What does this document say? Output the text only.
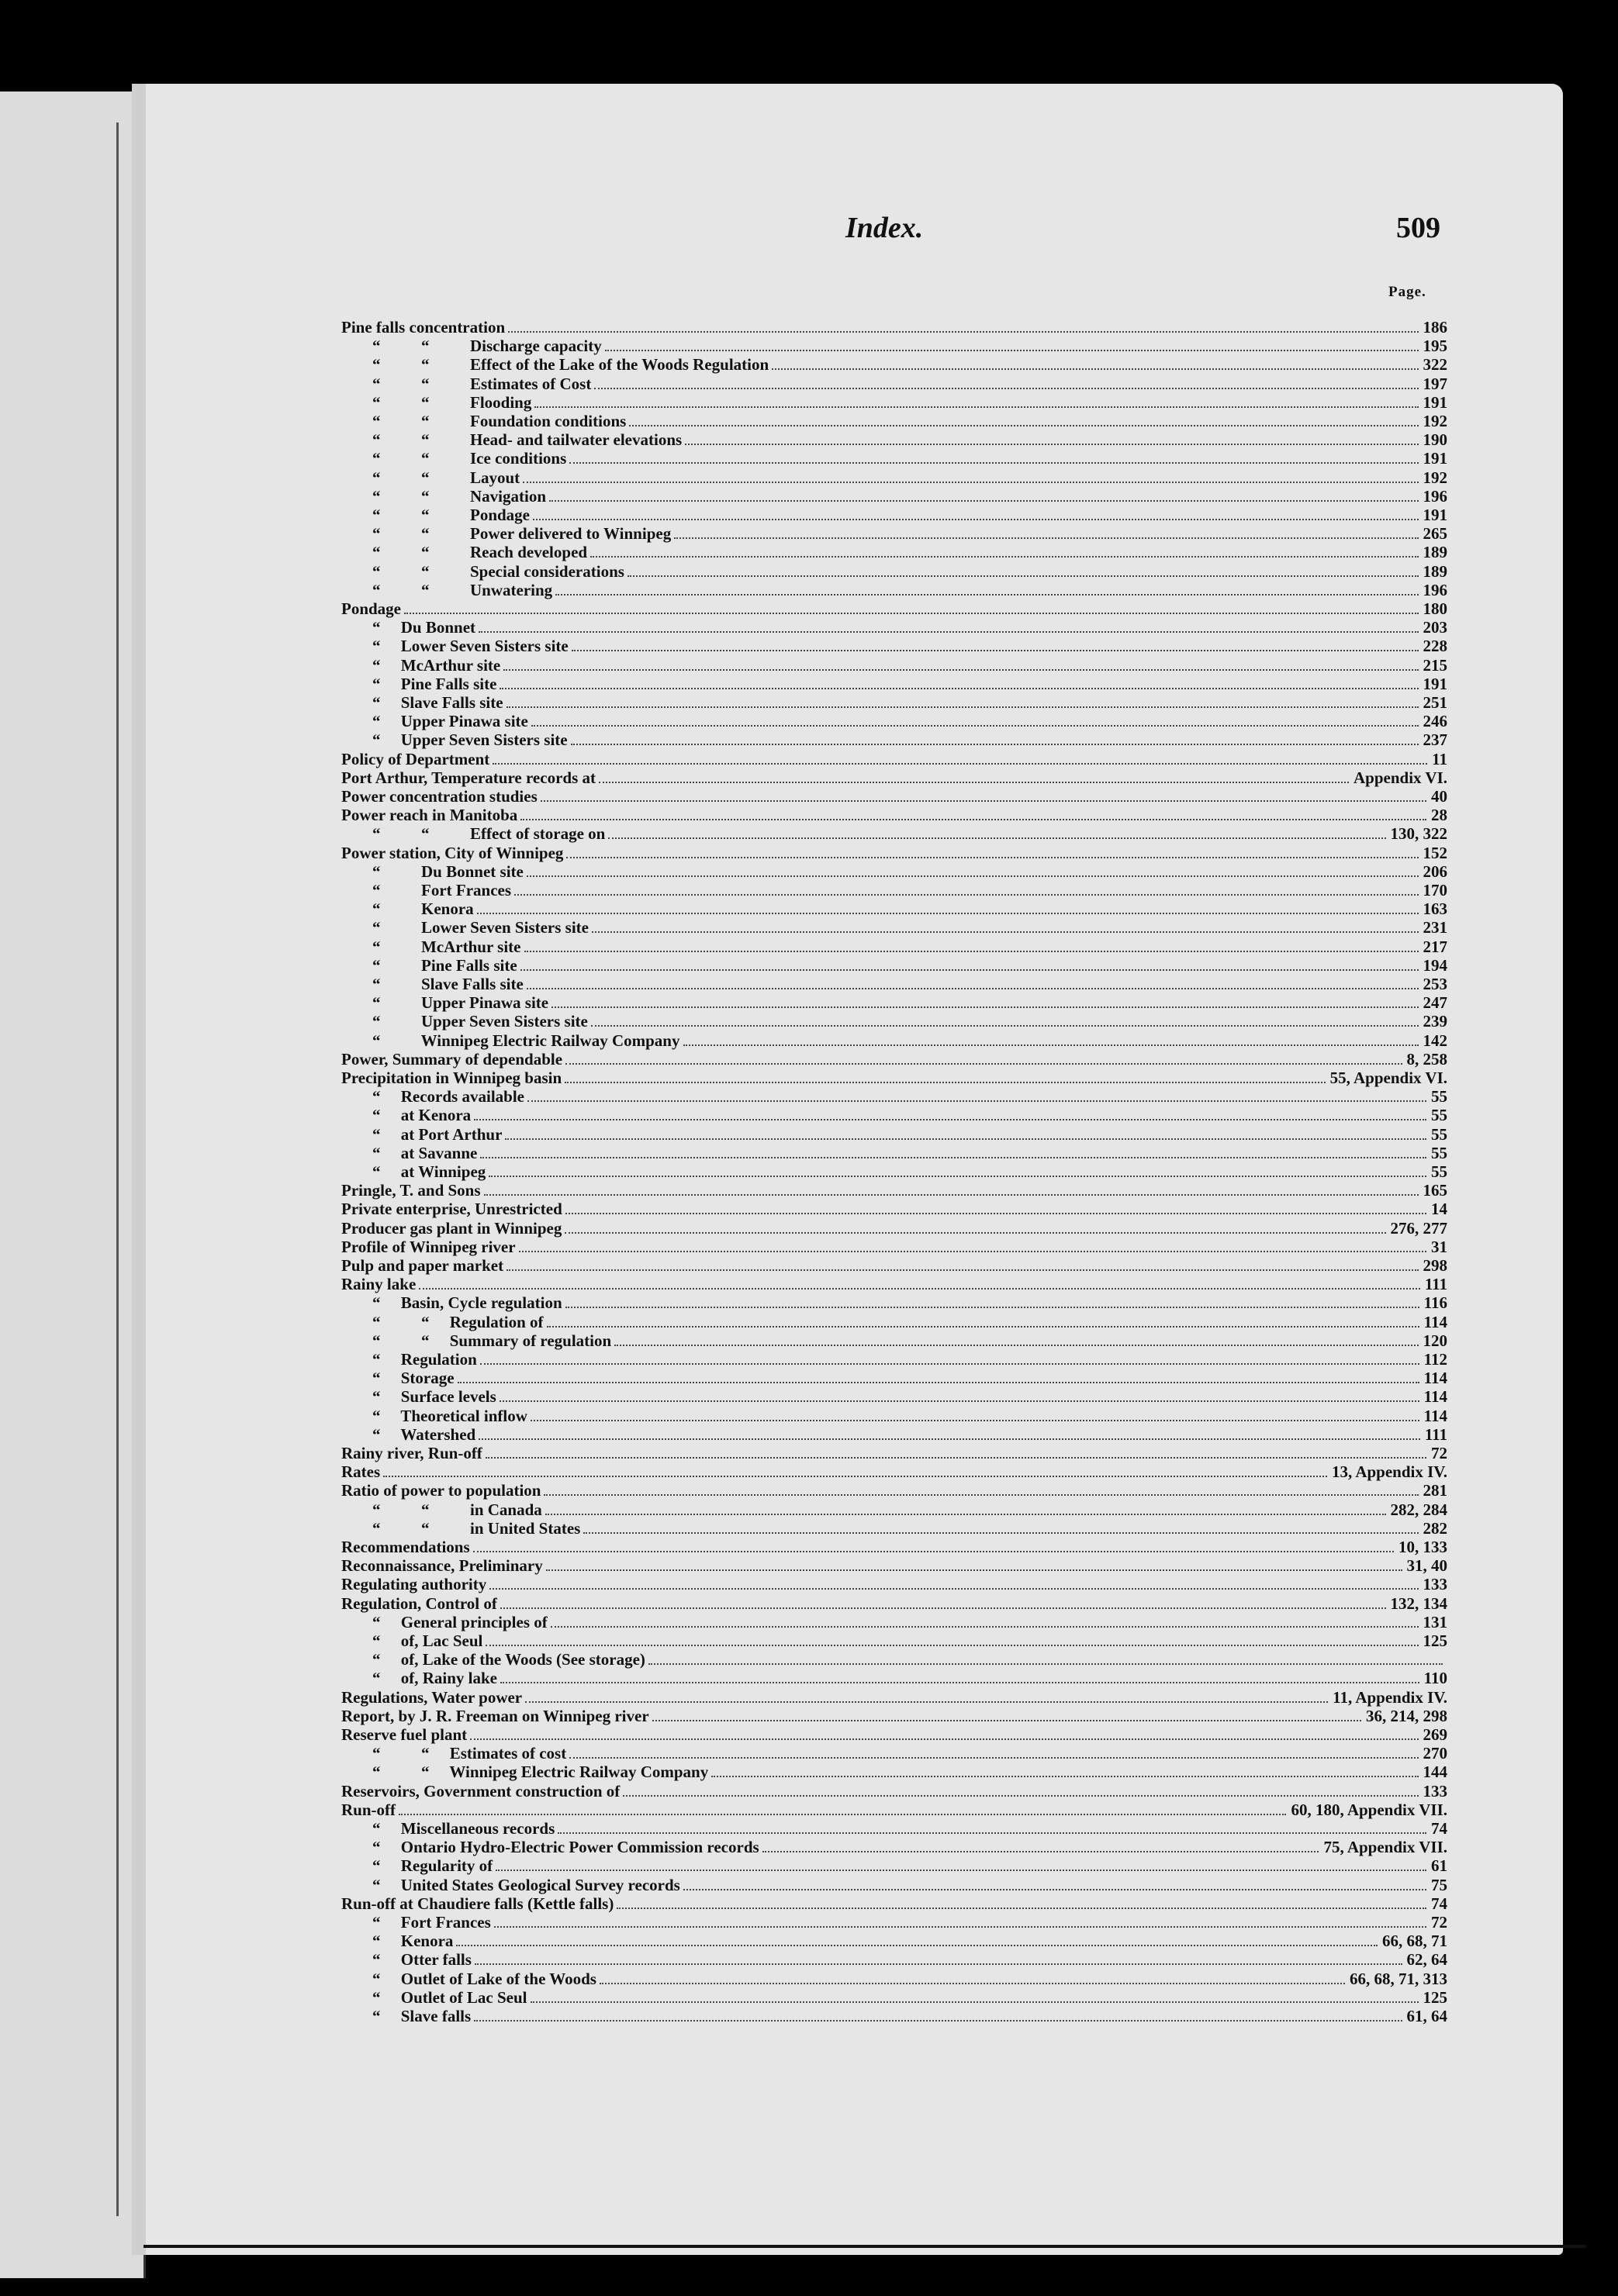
Index.	509
Page.
Pine falls concentration	186
“          “          Discharge capacity	195
“          “          Effect of the Lake of the Woods Regulation	322
“          “          Estimates of Cost	197
“          “          Flooding	191
“          “          Foundation conditions	192
“          “          Head- and tailwater elevations	190
“          “          Ice conditions	191
“          “          Layout	192
“          “          Navigation	196
“          “          Pondage	191
“          “          Power delivered to Winnipeg	265
“          “          Reach developed	189
“          “          Special considerations	189
“          “          Unwatering	196
Pondage	180
“     Du Bonnet	203
“     Lower Seven Sisters site	228
“     McArthur site	215
“     Pine Falls site	191
“     Slave Falls site	251
“     Upper Pinawa site	246
“     Upper Seven Sisters site	237
Policy of Department	11
Port Arthur, Temperature records at	Appendix VI.
Power concentration studies	40
Power reach in Manitoba	28
“          “          Effect of storage on	130, 322
Power station, City of Winnipeg	152
“          Du Bonnet site	206
“          Fort Frances	170
“          Kenora	163
“          Lower Seven Sisters site	231
“          McArthur site	217
“          Pine Falls site	194
“          Slave Falls site	253
“          Upper Pinawa site	247
“          Upper Seven Sisters site	239
“          Winnipeg Electric Railway Company	142
Power, Summary of dependable	8, 258
Precipitation in Winnipeg basin	55, Appendix VI.
“     Records available	55
“     at Kenora	55
“     at Port Arthur	55
“     at Savanne	55
“     at Winnipeg	55
Pringle, T. and Sons	165
Private enterprise, Unrestricted	14
Producer gas plant in Winnipeg	276, 277
Profile of Winnipeg river	31
Pulp and paper market	298
Rainy lake	111
“     Basin, Cycle regulation	116
“          “     Regulation of	114
“          “     Summary of regulation	120
“     Regulation	112
“     Storage	114
“     Surface levels	114
“     Theoretical inflow	114
“     Watershed	111
Rainy river, Run-off	72
Rates	13, Appendix IV.
Ratio of power to population	281
“          “          in Canada	282, 284
“          “          in United States	282
Recommendations	10, 133
Reconnaissance, Preliminary	31, 40
Regulating authority	133
Regulation, Control of	132, 134
“     General principles of	131
“     of, Lac Seul	125
“     of, Lake of the Woods (See storage)
“     of, Rainy lake	110
Regulations, Water power	11, Appendix IV.
Report, by J. R. Freeman on Winnipeg river	36, 214, 298
Reserve fuel plant	269
“          “     Estimates of cost	270
“          “     Winnipeg Electric Railway Company	144
Reservoirs, Government construction of	133
Run-off	60, 180, Appendix VII.
“     Miscellaneous records	74
“     Ontario Hydro-Electric Power Commission records	75, Appendix VII.
“     Regularity of	61
“     United States Geological Survey records	75
Run-off at Chaudiere falls (Kettle falls)	74
“     Fort Frances	72
“     Kenora	66, 68, 71
“     Otter falls	62, 64
“     Outlet of Lake of the Woods	66, 68, 71, 313
“     Outlet of Lac Seul	125
“     Slave falls	61, 64
